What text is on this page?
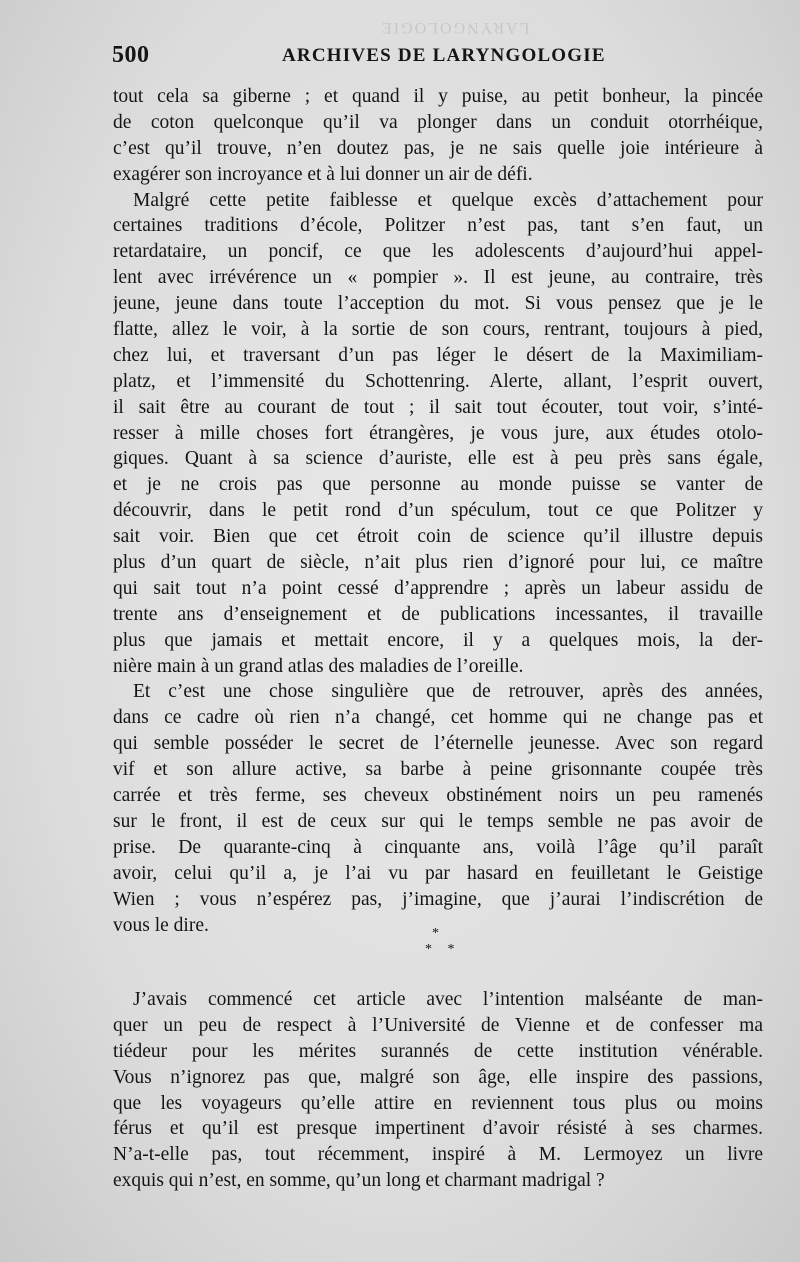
LARYNGOLOGIE
500	ARCHIVES DE LARYNGOLOGIE
tout cela sa giberne ; et quand il y puise, au petit bonheur, la pincée
de coton quelconque qu’il va plonger dans un conduit otorrhéique,
c’est qu’il trouve, n’en doutez pas, je ne sais quelle joie intérieure à
exagérer son incroyance et à lui donner un air de défi.
Malgré cette petite faiblesse et quelque excès d’attachement pour
certaines traditions d’école, Politzer n’est pas, tant s’en faut, un
retardataire, un poncif, ce que les adolescents d’aujourd’hui appel-
lent avec irrévérence un « pompier ». Il est jeune, au contraire, très
jeune, jeune dans toute l’acception du mot. Si vous pensez que je le
flatte, allez le voir, à la sortie de son cours, rentrant, toujours à pied,
chez lui, et traversant d’un pas léger le désert de la Maximiliam-
platz, et l’immensité du Schottenring. Alerte, allant, l’esprit ouvert,
il sait être au courant de tout ; il sait tout écouter, tout voir, s’inté-
resser à mille choses fort étrangères, je vous jure, aux études otolo-
giques. Quant à sa science d’auriste, elle est à peu près sans égale,
et je ne crois pas que personne au monde puisse se vanter de
découvrir, dans le petit rond d’un spéculum, tout ce que Politzer y
sait voir. Bien que cet étroit coin de science qu’il illustre depuis
plus d’un quart de siècle, n’ait plus rien d’ignoré pour lui, ce maître
qui sait tout n’a point cessé d’apprendre ; après un labeur assidu de
trente ans d’enseignement et de publications incessantes, il travaille
plus que jamais et mettait encore, il y a quelques mois, la der-
nière main à un grand atlas des maladies de l’oreille.
Et c’est une chose singulière que de retrouver, après des années,
dans ce cadre où rien n’a changé, cet homme qui ne change pas et
qui semble posséder le secret de l’éternelle jeunesse. Avec son regard
vif et son allure active, sa barbe à peine grisonnante coupée très
carrée et très ferme, ses cheveux obstinément noirs un peu ramenés
sur le front, il est de ceux sur qui le temps semble ne pas avoir de
prise. De quarante-cinq à cinquante ans, voilà l’âge qu’il paraît
avoir, celui qu’il a, je l’ai vu par hasard en feuilletant le Geistige
Wien ; vous n’espérez pas, j’imagine, que j’aurai l’indiscrétion de
vous le dire.	*
* *
J’avais commencé cet article avec l’intention malséante de man-
quer un peu de respect à l’Université de Vienne et de confesser ma
tiédeur pour les mérites surannés de cette institution vénérable.
Vous n’ignorez pas que, malgré son âge, elle inspire des passions,
que les voyageurs qu’elle attire en reviennent tous plus ou moins
férus et qu’il est presque impertinent d’avoir résisté à ses charmes.
N’a-t-elle pas, tout récemment, inspiré à M. Lermoyez un livre
exquis qui n’est, en somme, qu’un long et charmant madrigal ?
